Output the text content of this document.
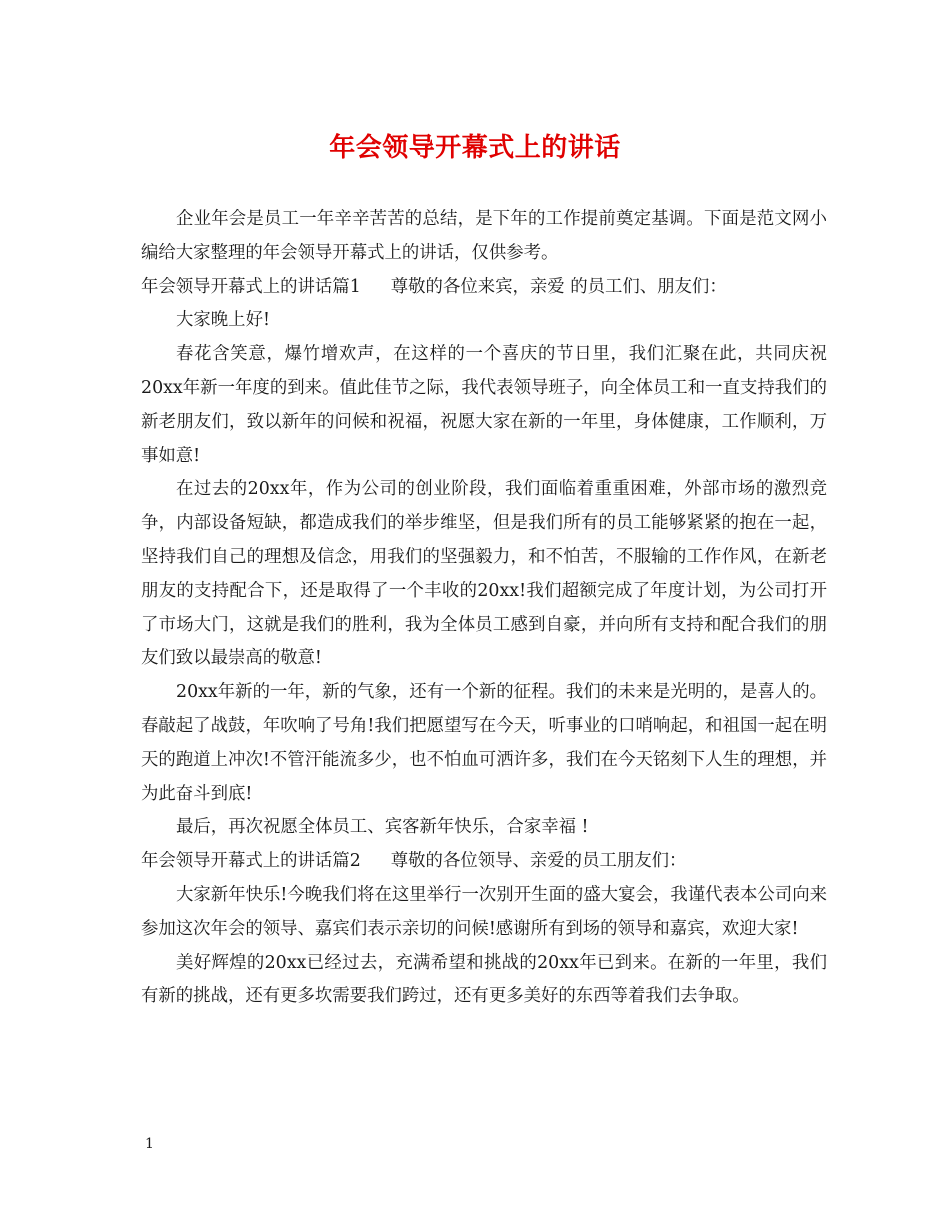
年会领导开幕式上的讲话

企业年会是员工一年辛辛苦苦的总结，是下年的工作提前奠定基调。下面是范文网小编给大家整理的年会领导开幕式上的讲话，仅供参考。

年会领导开幕式上的讲话篇1 尊敬的各位来宾，亲爱 的员工们、朋友们：

大家晚上好!

春花含笑意，爆竹增欢声，在这样的一个喜庆的节日里，我们汇聚在此，共同庆祝20xx年新一年度的到来。值此佳节之际，我代表领导班子，向全体员工和一直支持我们的新老朋友们，致以新年的问候和祝福，祝愿大家在新的一年里，身体健康，工作顺利，万事如意!

在过去的20xx年，作为公司的创业阶段，我们面临着重重困难，外部市场的激烈竞争，内部设备短缺，都造成我们的举步维坚，但是我们所有的员工能够紧紧的抱在一起，坚持我们自己的理想及信念，用我们的坚强毅力，和不怕苦，不服输的工作作风，在新老朋友的支持配合下，还是取得了一个丰收的20xx!我们超额完成了年度计划，为公司打开了市场大门，这就是我们的胜利，我为全体员工感到自豪，并向所有支持和配合我们的朋友们致以最崇高的敬意!

20xx年新的一年，新的气象，还有一个新的征程。我们的未来是光明的，是喜人的。春敲起了战鼓，年吹响了号角!我们把愿望写在今天，听事业的口哨响起，和祖国一起在明天的跑道上冲次!不管汗能流多少，也不怕血可洒许多，我们在今天铭刻下人生的理想，并为此奋斗到底!

最后，再次祝愿全体员工、宾客新年快乐，合家幸福 !

年会领导开幕式上的讲话篇2 尊敬的各位领导、亲爱的员工朋友们：

大家新年快乐!今晚我们将在这里举行一次别开生面的盛大宴会，我谨代表本公司向来参加这次年会的领导、嘉宾们表示亲切的问候!感谢所有到场的领导和嘉宾，欢迎大家!

美好辉煌的20xx已经过去，充满希望和挑战的20xx年已到来。在新的一年里，我们有新的挑战，还有更多坎需要我们跨过，还有更多美好的东西等着我们去争取。

1
